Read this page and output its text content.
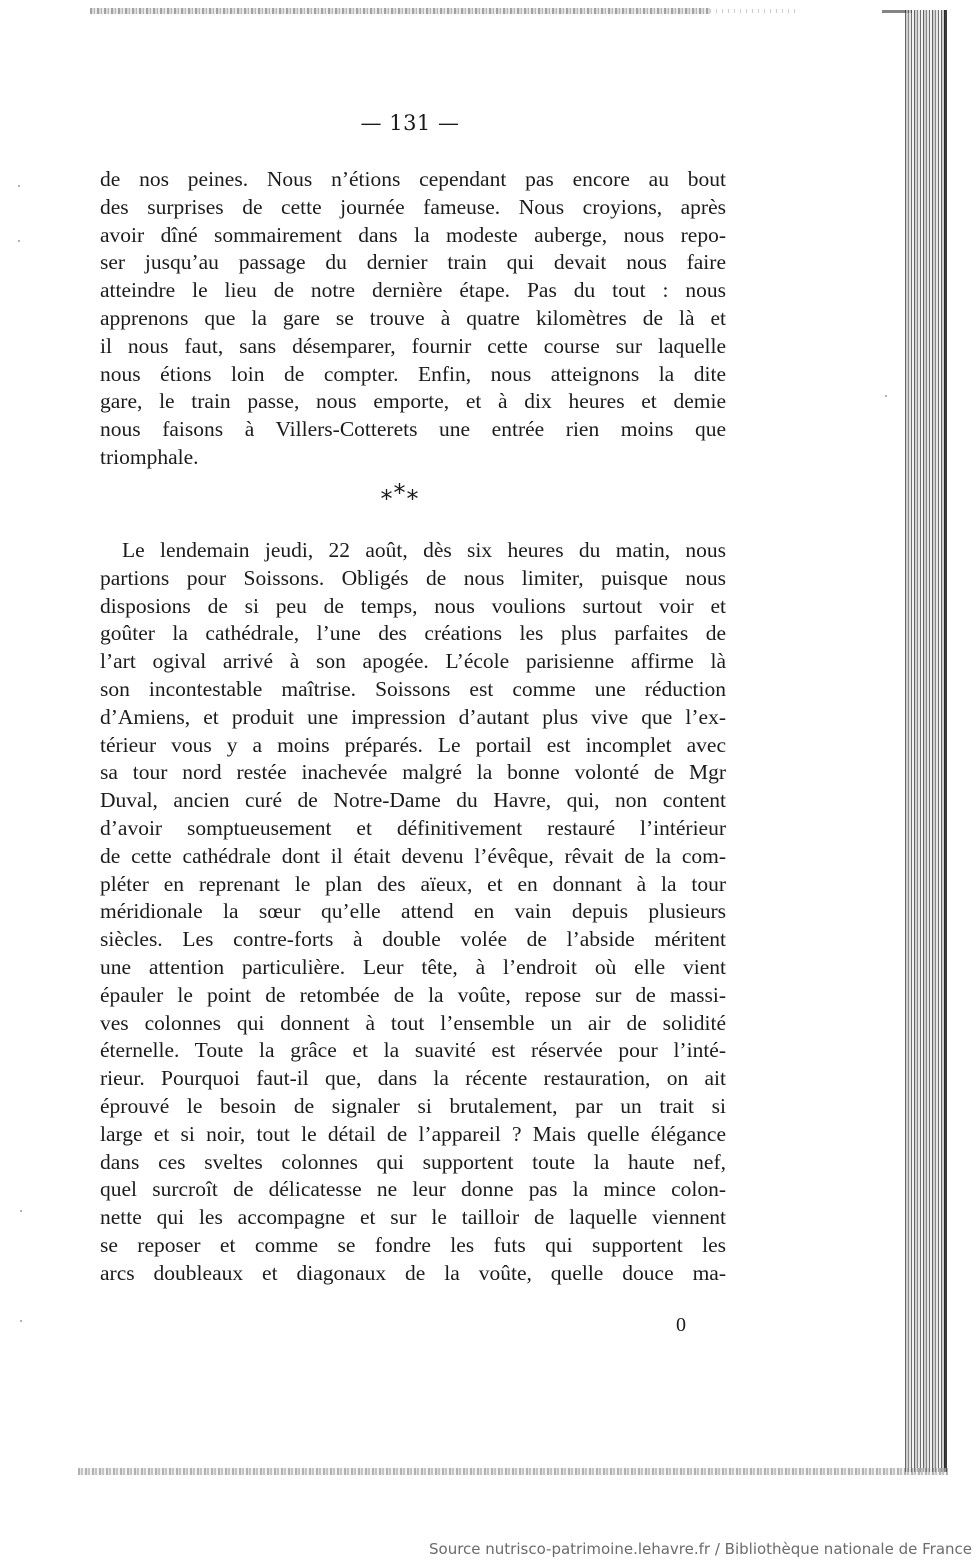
— 131 —
de nos peines. Nous n’étions cependant pas encore au bout
des surprises de cette journée fameuse. Nous croyions, après
avoir dîné sommairement dans la modeste auberge, nous repo-
ser jusqu’au passage du dernier train qui devait nous faire
atteindre le lieu de notre dernière étape. Pas du tout : nous
apprenons que la gare se trouve à quatre kilomètres de là et
il nous faut, sans désemparer, fournir cette course sur laquelle
nous étions loin de compter. Enfin, nous atteignons la dite
gare, le train passe, nous emporte, et à dix heures et demie
nous faisons à Villers-Cotterets une entrée rien moins que
triomphale.
***
Le lendemain jeudi, 22 août, dès six heures du matin, nous
partions pour Soissons. Obligés de nous limiter, puisque nous
disposions de si peu de temps, nous voulions surtout voir et
goûter la cathédrale, l’une des créations les plus parfaites de
l’art ogival arrivé à son apogée. L’école parisienne affirme là
son incontestable maîtrise. Soissons est comme une réduction
d’Amiens, et produit une impression d’autant plus vive que l’ex-
térieur vous y a moins préparés. Le portail est incomplet avec
sa tour nord restée inachevée malgré la bonne volonté de Mgr
Duval, ancien curé de Notre-Dame du Havre, qui, non content
d’avoir somptueusement et définitivement restauré l’intérieur
de cette cathédrale dont il était devenu l’évêque, rêvait de la com-
pléter en reprenant le plan des aïeux, et en donnant à la tour
méridionale la sœur qu’elle attend en vain depuis plusieurs
siècles. Les contre-forts à double volée de l’abside méritent
une attention particulière. Leur tête, à l’endroit où elle vient
épauler le point de retombée de la voûte, repose sur de massi-
ves colonnes qui donnent à tout l’ensemble un air de solidité
éternelle. Toute la grâce et la suavité est réservée pour l’inté-
rieur. Pourquoi faut-il que, dans la récente restauration, on ait
éprouvé le besoin de signaler si brutalement, par un trait si
large et si noir, tout le détail de l’appareil ? Mais quelle élégance
dans ces sveltes colonnes qui supportent toute la haute nef,
quel surcroît de délicatesse ne leur donne pas la mince colon-
nette qui les accompagne et sur le tailloir de laquelle viennent
se reposer et comme se fondre les futs qui supportent les
arcs doubleaux et diagonaux de la voûte, quelle douce ma-
0
Source nutrisco-patrimoine.lehavre.fr / Bibliothèque nationale de France
